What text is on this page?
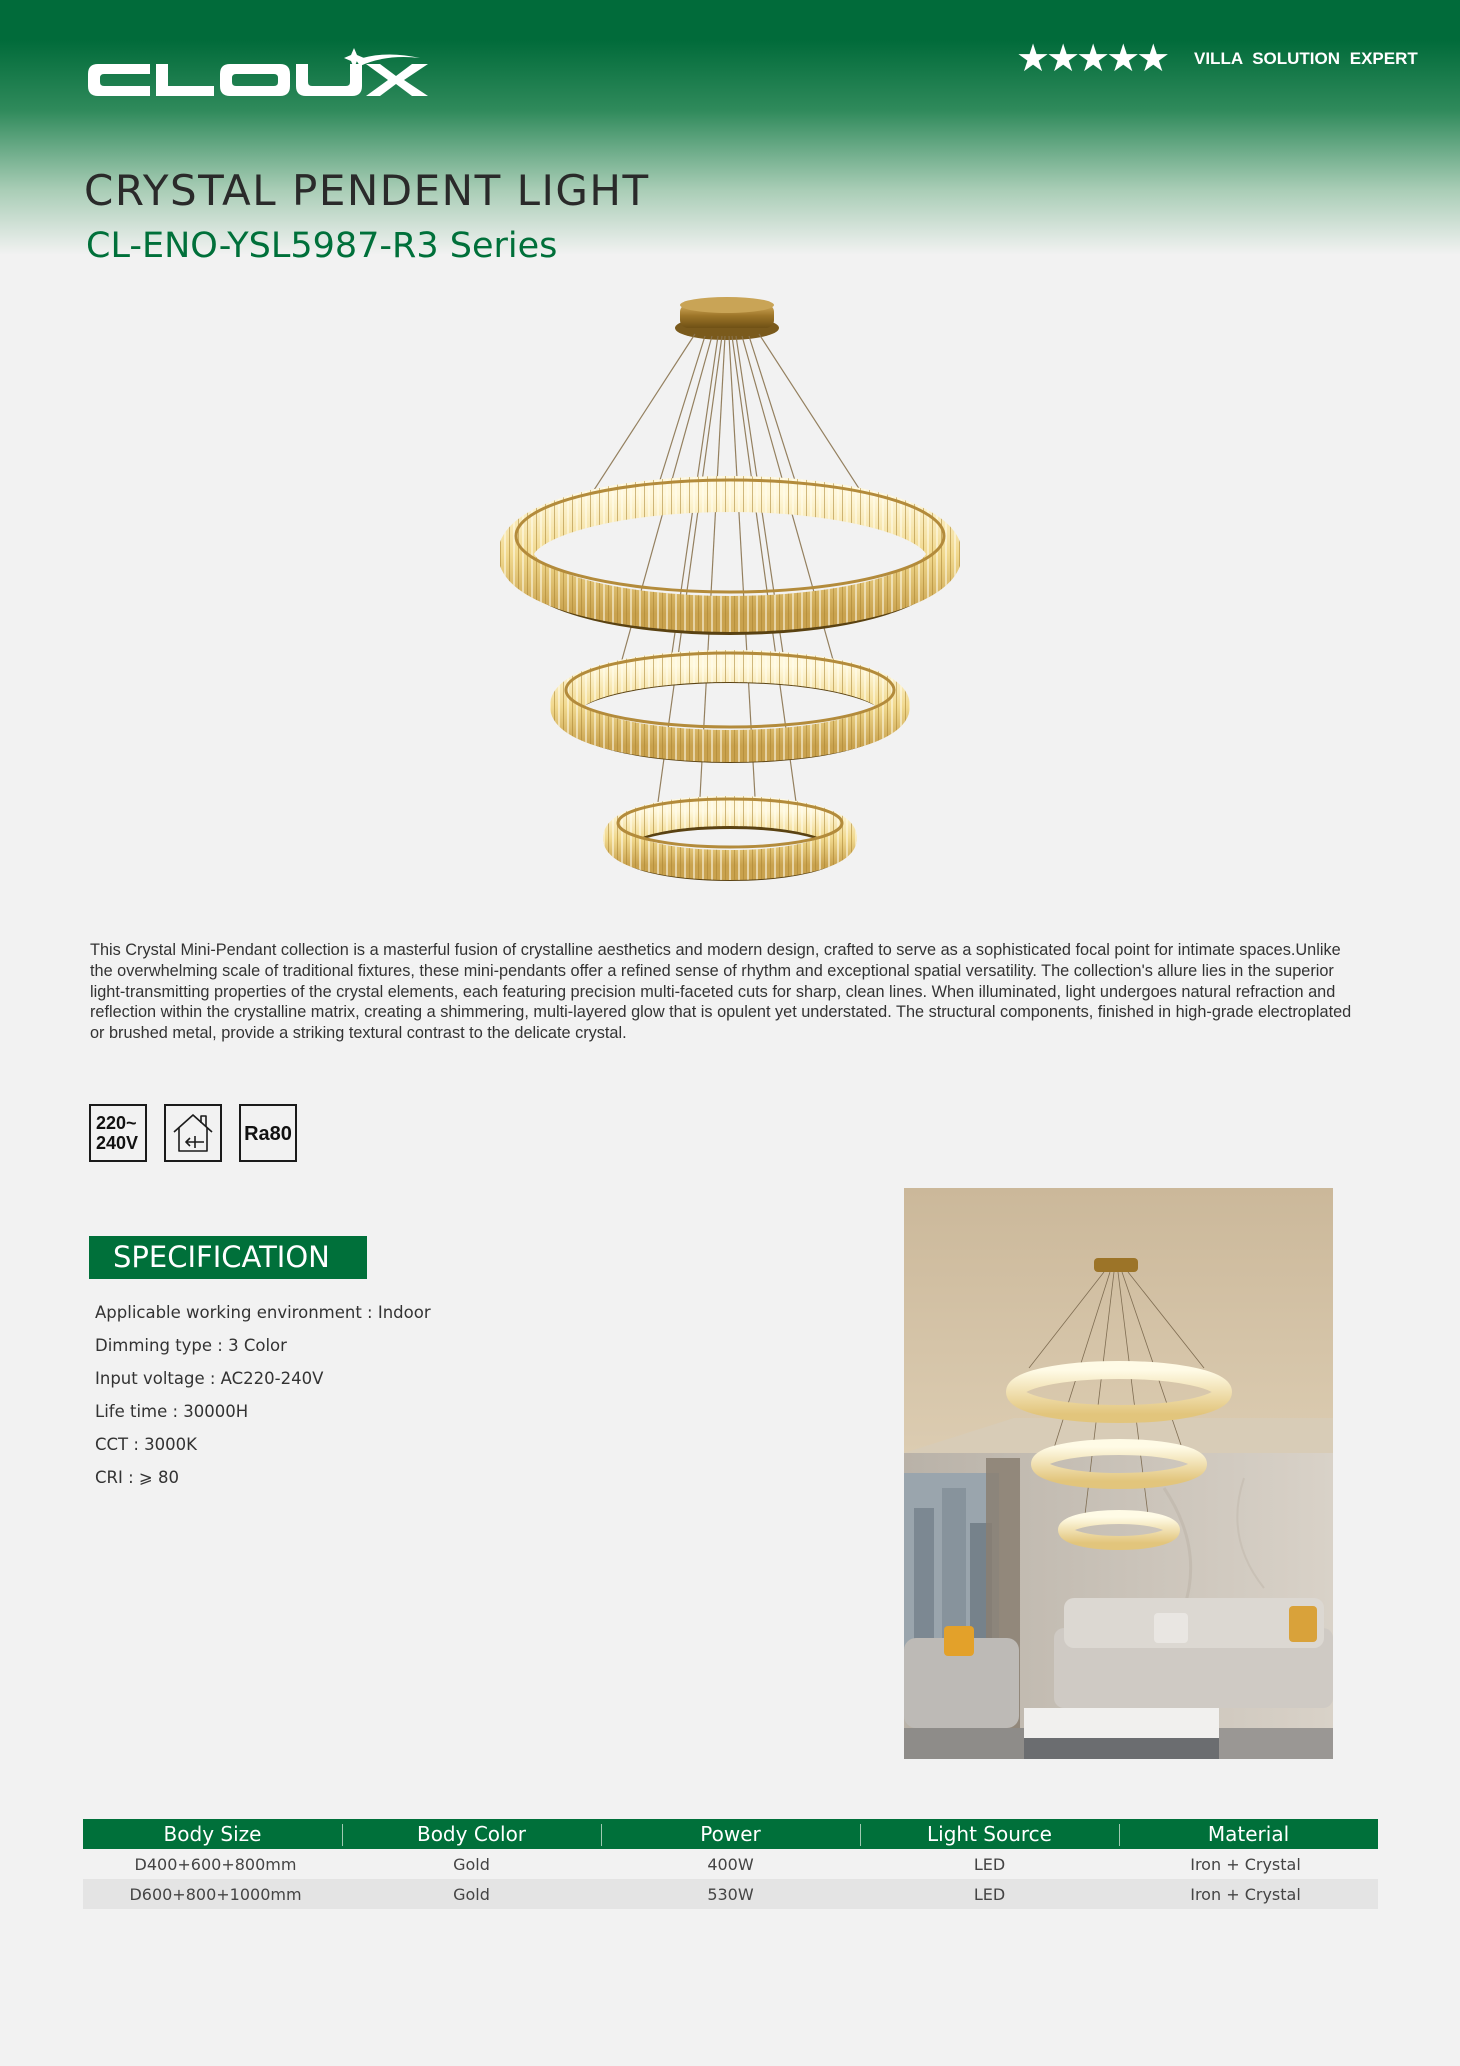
★★★★★ VILLA SOLUTION EXPERT
CRYSTAL PENDENT LIGHT
CL-ENO-YSL5987-R3 Series

This Crystal Mini-Pendant collection is a masterful fusion of crystalline aesthetics and modern design, crafted to serve as a sophisticated focal point for intimate spaces.Unlike the overwhelming scale of traditional fixtures, these mini-pendants offer a refined sense of rhythm and exceptional spatial versatility. The collection's allure lies in the superior light-transmitting properties of the crystal elements, each featuring precision multi-faceted cuts for sharp, clean lines. When illuminated, light undergoes natural refraction and reflection within the crystalline matrix, creating a shimmering, multi-layered glow that is opulent yet understated. The structural components, finished in high-grade electroplated or brushed metal, provide a striking textural contrast to the delicate crystal.

220~
240V	Ra80
SPECIFICATION
Applicable working environment : Indoor
Dimming type : 3 Color
Input voltage : AC220-240V
Life time : 30000H
CCT : 3000K
CRI : ⩾ 80
Body Size	Body Color	Power	Light Source	Material
D400+600+800mm	Gold	400W	LED	Iron + Crystal
D600+800+1000mm	Gold	530W	LED	Iron + Crystal
